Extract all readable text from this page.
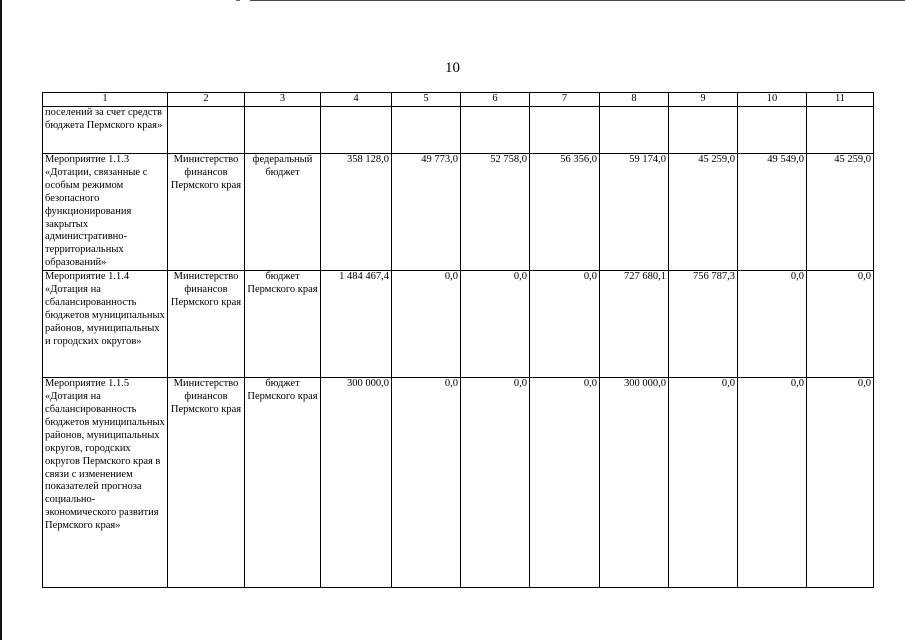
10
1	2	3	4	5	6	7	8	9	10	11
поселений за счет средств бюджета Пермского края»										
Мероприятие 1.1.3 «Дотации, связанные с особым режимом безопасного функционирования закрытых административно-территориальных образований»	Министерство финансов Пермского края	федеральный бюджет	358 128,0	49 773,0	52 758,0	56 356,0	59 174,0	45 259,0	49 549,0	45 259,0
Мероприятие 1.1.4 «Дотация на сбалансированность бюджетов муниципальных районов, муниципальных и городских округов»	Министерство финансов Пермского края	бюджет Пермского края	1 484 467,4	0,0	0,0	0,0	727 680,1	756 787,3	0,0	0,0
Мероприятие 1.1.5 «Дотация на сбалансированность бюджетов муниципальных районов, муниципальных округов, городских округов Пермского края в связи с изменением показателей прогноза социально-экономического развития Пермского края»	Министерство финансов Пермского края	бюджет Пермского края	300 000,0	0,0	0,0	0,0	300 000,0	0,0	0,0	0,0
